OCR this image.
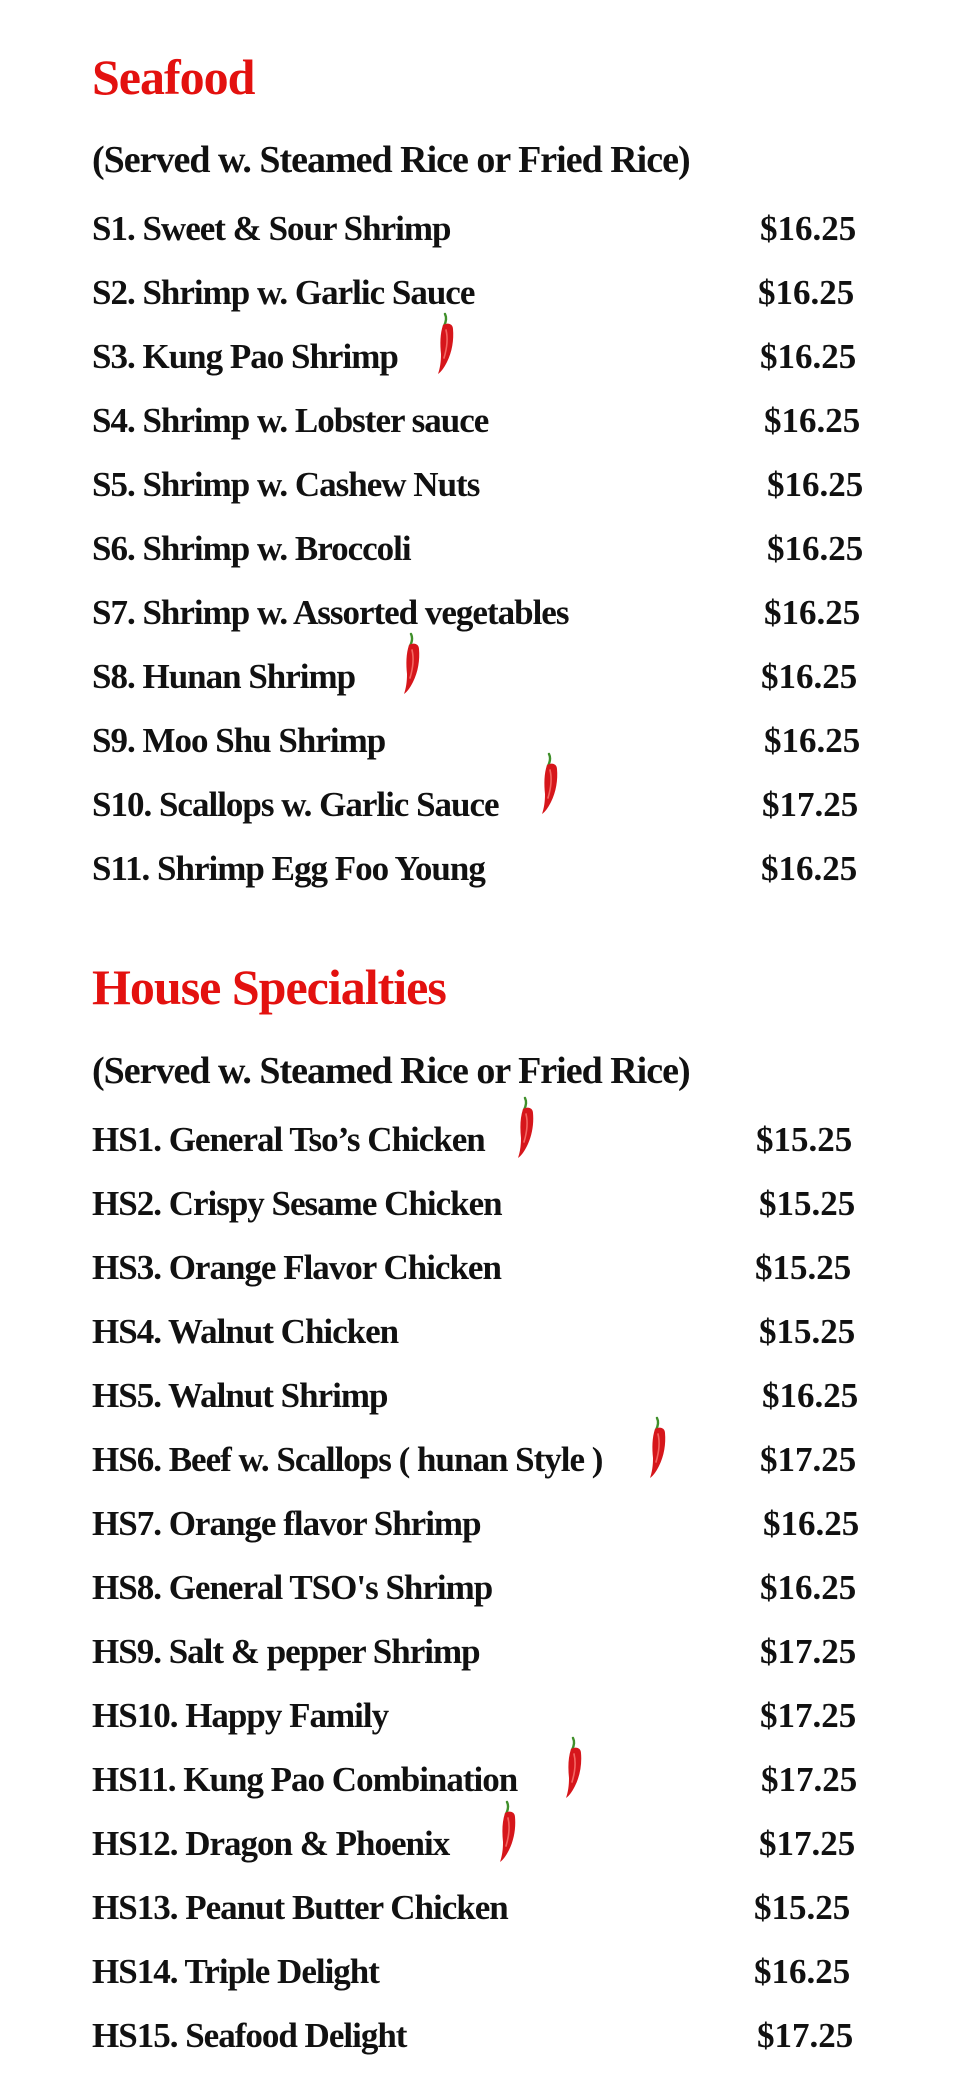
Seafood
(Served w. Steamed Rice or Fried Rice)
S1. Sweet & Sour Shrimp	$16.25
S2. Shrimp w. Garlic Sauce	$16.25
S3. Kung Pao Shrimp	$16.25
S4. Shrimp w. Lobster sauce	$16.25
S5. Shrimp w. Cashew Nuts	$16.25
S6. Shrimp w. Broccoli	$16.25
S7. Shrimp w. Assorted vegetables	$16.25
S8. Hunan Shrimp	$16.25
S9. Moo Shu Shrimp	$16.25
S10. Scallops w. Garlic Sauce	$17.25
S11. Shrimp Egg Foo Young	$16.25
House Specialties
(Served w. Steamed Rice or Fried Rice)
HS1. General Tso’s Chicken	$15.25
HS2. Crispy Sesame Chicken	$15.25
HS3. Orange Flavor Chicken	$15.25
HS4. Walnut Chicken	$15.25
HS5. Walnut Shrimp	$16.25
HS6. Beef w. Scallops ( hunan Style )	$17.25
HS7. Orange flavor Shrimp	$16.25
HS8. General TSO's Shrimp	$16.25
HS9. Salt & pepper Shrimp	$17.25
HS10. Happy Family	$17.25
HS11. Kung Pao Combination	$17.25
HS12. Dragon & Phoenix	$17.25
HS13. Peanut Butter Chicken	$15.25
HS14. Triple Delight	$16.25
HS15. Seafood Delight	$17.25
